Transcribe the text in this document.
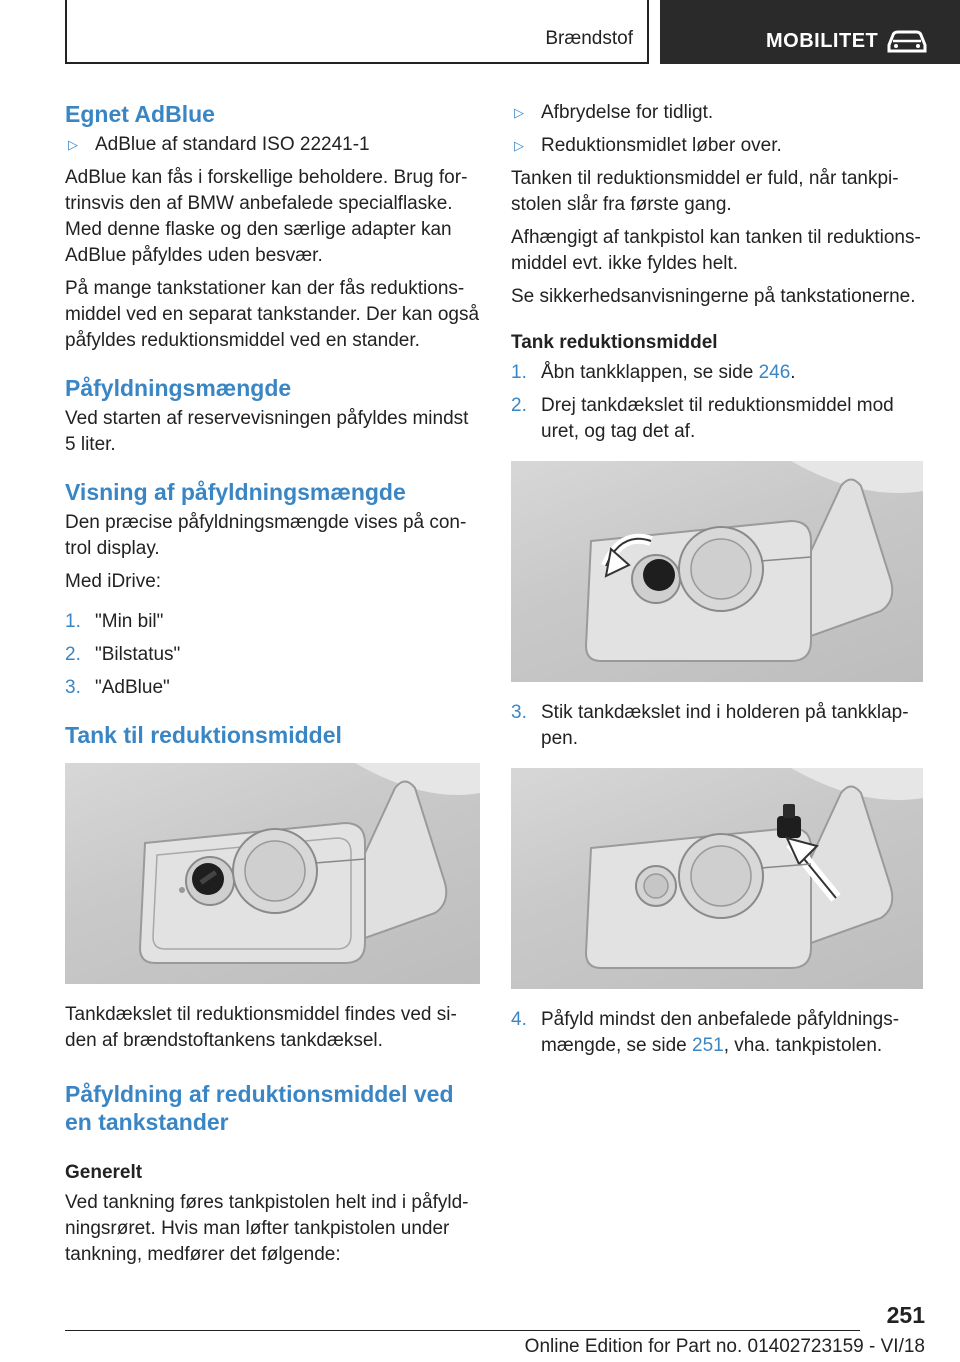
Brændstof	MOBILITET
Egnet AdBlue
▷ AdBlue af standard ISO 22241-1
AdBlue kan fås i forskellige beholdere. Brug fortrinsvis den af BMW anbefalede specialflaske. Med denne flaske og den særlige adapter kan AdBlue påfyldes uden besvær.
På mange tankstationer kan der fås reduktionsmiddel ved en separat tankstander. Der kan også påfyldes reduktionsmiddel ved en stander.
Påfyldningsmængde
Ved starten af reservevisningen påfyldes mindst 5 liter.
Visning af påfyldningsmængde
Den præcise påfyldningsmængde vises på control display.
Med iDrive:
1. "Min bil"
2. "Bilstatus"
3. "AdBlue"
Tank til reduktionsmiddel
Tankdækslet til reduktionsmiddel findes ved siden af brændstoftankens tankdæksel.
Påfyldning af reduktionsmiddel ved en tankstander
Generelt
Ved tankning føres tankpistolen helt ind i påfyldningsrøret. Hvis man løfter tankpistolen under tankning, medfører det følgende:
▷ Afbrydelse for tidligt.
▷ Reduktionsmidlet løber over.
Tanken til reduktionsmiddel er fuld, når tankpistolen slår fra første gang.
Afhængigt af tankpistol kan tanken til reduktionsmiddel evt. ikke fyldes helt.
Se sikkerhedsanvisningerne på tankstationerne.
Tank reduktionsmiddel
1. Åbn tankklappen, se side 246.
2. Drej tankdækslet til reduktionsmiddel mod uret, og tag det af.
3. Stik tankdækslet ind i holderen på tankklappen.
4. Påfyld mindst den anbefalede påfyldningsmængde, se side 251, vha. tankpistolen.
251
Online Edition for Part no. 01402723159 - VI/18
